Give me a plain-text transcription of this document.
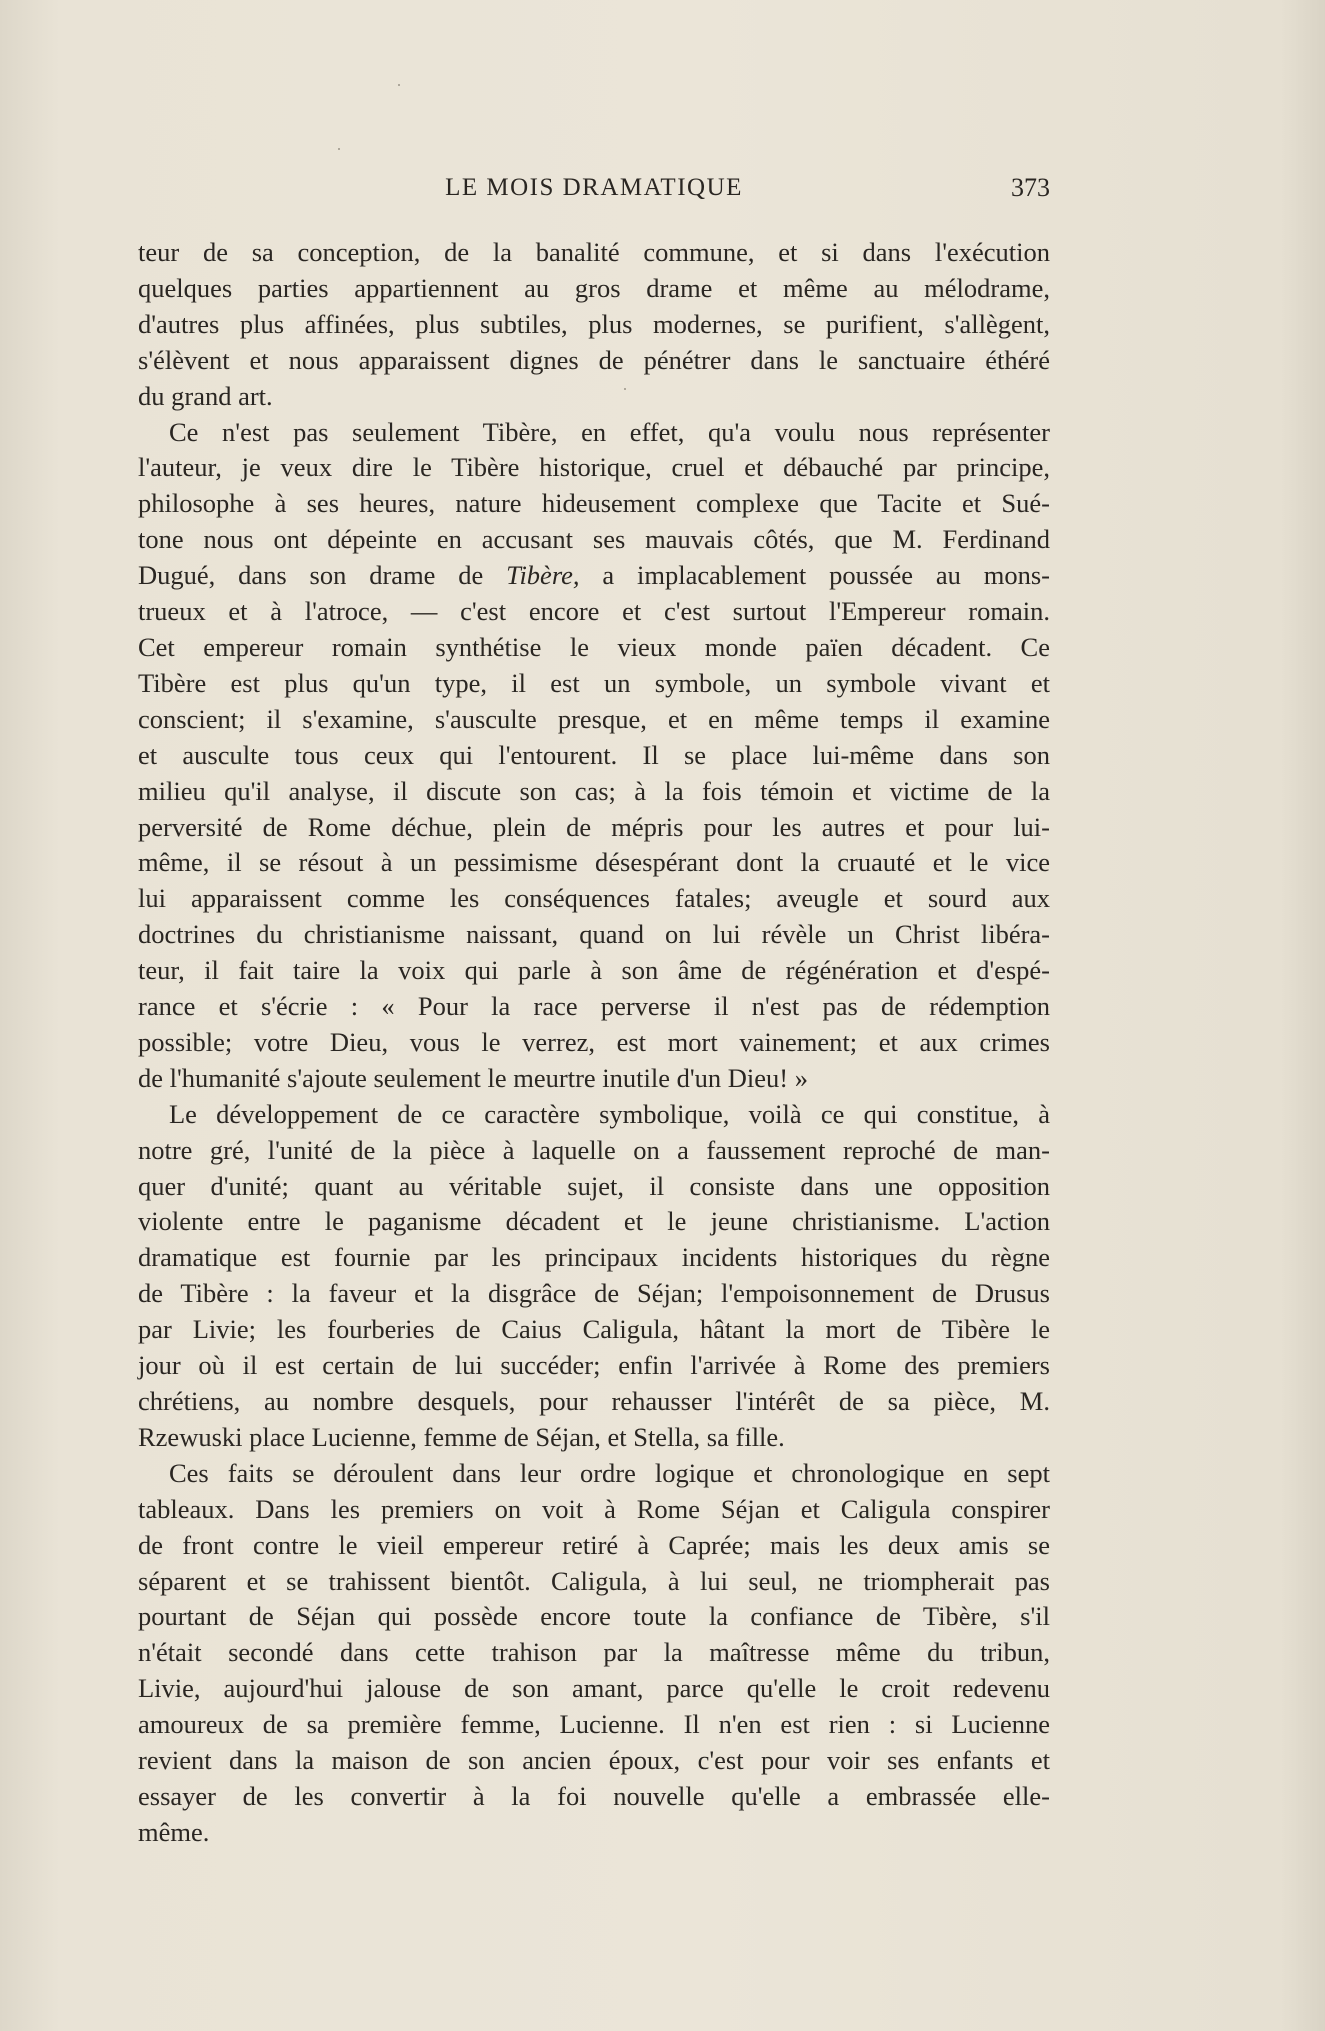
LE MOIS DRAMATIQUE	373

teur de sa conception, de la banalité commune, et si dans l'exécution
quelques parties appartiennent au gros drame et même au mélodrame,
d'autres plus affinées, plus subtiles, plus modernes, se purifient, s'allègent,
s'élèvent et nous apparaissent dignes de pénétrer dans le sanctuaire éthéré
du grand art.

Ce n'est pas seulement Tibère, en effet, qu'a voulu nous représenter
l'auteur, je veux dire le Tibère historique, cruel et débauché par principe,
philosophe à ses heures, nature hideusement complexe que Tacite et Sué-
tone nous ont dépeinte en accusant ses mauvais côtés, que M. Ferdinand
Dugué, dans son drame de Tibère, a implacablement poussée au mons-
trueux et à l'atroce, — c'est encore et c'est surtout l'Empereur romain.
Cet empereur romain synthétise le vieux monde païen décadent. Ce
Tibère est plus qu'un type, il est un symbole, un symbole vivant et
conscient; il s'examine, s'ausculte presque, et en même temps il examine
et ausculte tous ceux qui l'entourent. Il se place lui-même dans son
milieu qu'il analyse, il discute son cas; à la fois témoin et victime de la
perversité de Rome déchue, plein de mépris pour les autres et pour lui-
même, il se résout à un pessimisme désespérant dont la cruauté et le vice
lui apparaissent comme les conséquences fatales; aveugle et sourd aux
doctrines du christianisme naissant, quand on lui révèle un Christ libéra-
teur, il fait taire la voix qui parle à son âme de régénération et d'espé-
rance et s'écrie : « Pour la race perverse il n'est pas de rédemption
possible; votre Dieu, vous le verrez, est mort vainement; et aux crimes
de l'humanité s'ajoute seulement le meurtre inutile d'un Dieu! »

Le développement de ce caractère symbolique, voilà ce qui constitue, à
notre gré, l'unité de la pièce à laquelle on a faussement reproché de man-
quer d'unité; quant au véritable sujet, il consiste dans une opposition
violente entre le paganisme décadent et le jeune christianisme. L'action
dramatique est fournie par les principaux incidents historiques du règne
de Tibère : la faveur et la disgrâce de Séjan; l'empoisonnement de Drusus
par Livie; les fourberies de Caius Caligula, hâtant la mort de Tibère le
jour où il est certain de lui succéder; enfin l'arrivée à Rome des premiers
chrétiens, au nombre desquels, pour rehausser l'intérêt de sa pièce, M.
Rzewuski place Lucienne, femme de Séjan, et Stella, sa fille.

Ces faits se déroulent dans leur ordre logique et chronologique en sept
tableaux. Dans les premiers on voit à Rome Séjan et Caligula conspirer
de front contre le vieil empereur retiré à Caprée; mais les deux amis se
séparent et se trahissent bientôt. Caligula, à lui seul, ne triompherait pas
pourtant de Séjan qui possède encore toute la confiance de Tibère, s'il
n'était secondé dans cette trahison par la maîtresse même du tribun,
Livie, aujourd'hui jalouse de son amant, parce qu'elle le croit redevenu
amoureux de sa première femme, Lucienne. Il n'en est rien : si Lucienne
revient dans la maison de son ancien époux, c'est pour voir ses enfants et
essayer de les convertir à la foi nouvelle qu'elle a embrassée elle-
même.
